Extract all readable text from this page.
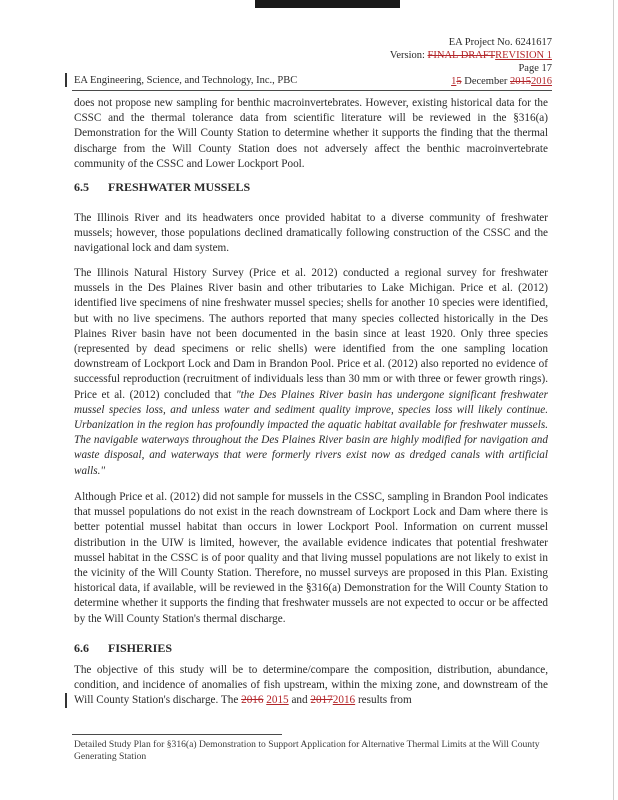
EA Project No. 6241617
Version: FINAL DRAFTREVISION 1
Page 17
15 December 20152016
EA Engineering, Science, and Technology, Inc., PBC

does not propose new sampling for benthic macroinvertebrates. However, existing historical data for the CSSC and the thermal tolerance data from scientific literature will be reviewed in the §316(a) Demonstration for the Will County Station to determine whether it supports the finding that the thermal discharge from the Will County Station does not adversely affect the benthic macroinvertebrate community of the CSSC and Lower Lockport Pool.

6.5 FRESHWATER MUSSELS

The Illinois River and its headwaters once provided habitat to a diverse community of freshwater mussels; however, those populations declined dramatically following construction of the CSSC and the navigational lock and dam system.

The Illinois Natural History Survey (Price et al. 2012) conducted a regional survey for freshwater mussels in the Des Plaines River basin and other tributaries to Lake Michigan. Price et al. (2012) identified live specimens of nine freshwater mussel species; shells for another 10 species were identified, but with no live specimens. The authors reported that many species collected historically in the Des Plaines River basin have not been documented in the basin since at least 1920. Only three species (represented by dead specimens or relic shells) were identified from the one sampling location downstream of Lockport Lock and Dam in Brandon Pool. Price et al. (2012) also reported no evidence of successful reproduction (recruitment of individuals less than 30 mm or with three or fewer growth rings). Price et al. (2012) concluded that "the Des Plaines River basin has undergone significant freshwater mussel species loss, and unless water and sediment quality improve, species loss will likely continue. Urbanization in the region has profoundly impacted the aquatic habitat available for freshwater mussels. The navigable waterways throughout the Des Plaines River basin are highly modified for navigation and waste disposal, and waterways that were formerly rivers exist now as dredged canals with artificial walls."

Although Price et al. (2012) did not sample for mussels in the CSSC, sampling in Brandon Pool indicates that mussel populations do not exist in the reach downstream of Lockport Lock and Dam where there is better potential mussel habitat than occurs in lower Lockport Pool. Information on current mussel distribution in the UIW is limited, however, the available evidence indicates that potential freshwater mussel habitat in the CSSC is of poor quality and that living mussel populations are not likely to exist in the vicinity of the Will County Station. Therefore, no mussel surveys are proposed in this Plan. Existing historical data, if available, will be reviewed in the §316(a) Demonstration for the Will County Station to determine whether it supports the finding that freshwater mussels are not expected to occur or be affected by the Will County Station's thermal discharge.

6.6 FISHERIES

The objective of this study will be to determine/compare the composition, distribution, abundance, condition, and incidence of anomalies of fish upstream, within the mixing zone, and downstream of the Will County Station's discharge. The 2016 2015 and 20172016 results from

Detailed Study Plan for §316(a) Demonstration to Support Application for Alternative Thermal Limits at the Will County Generating Station
